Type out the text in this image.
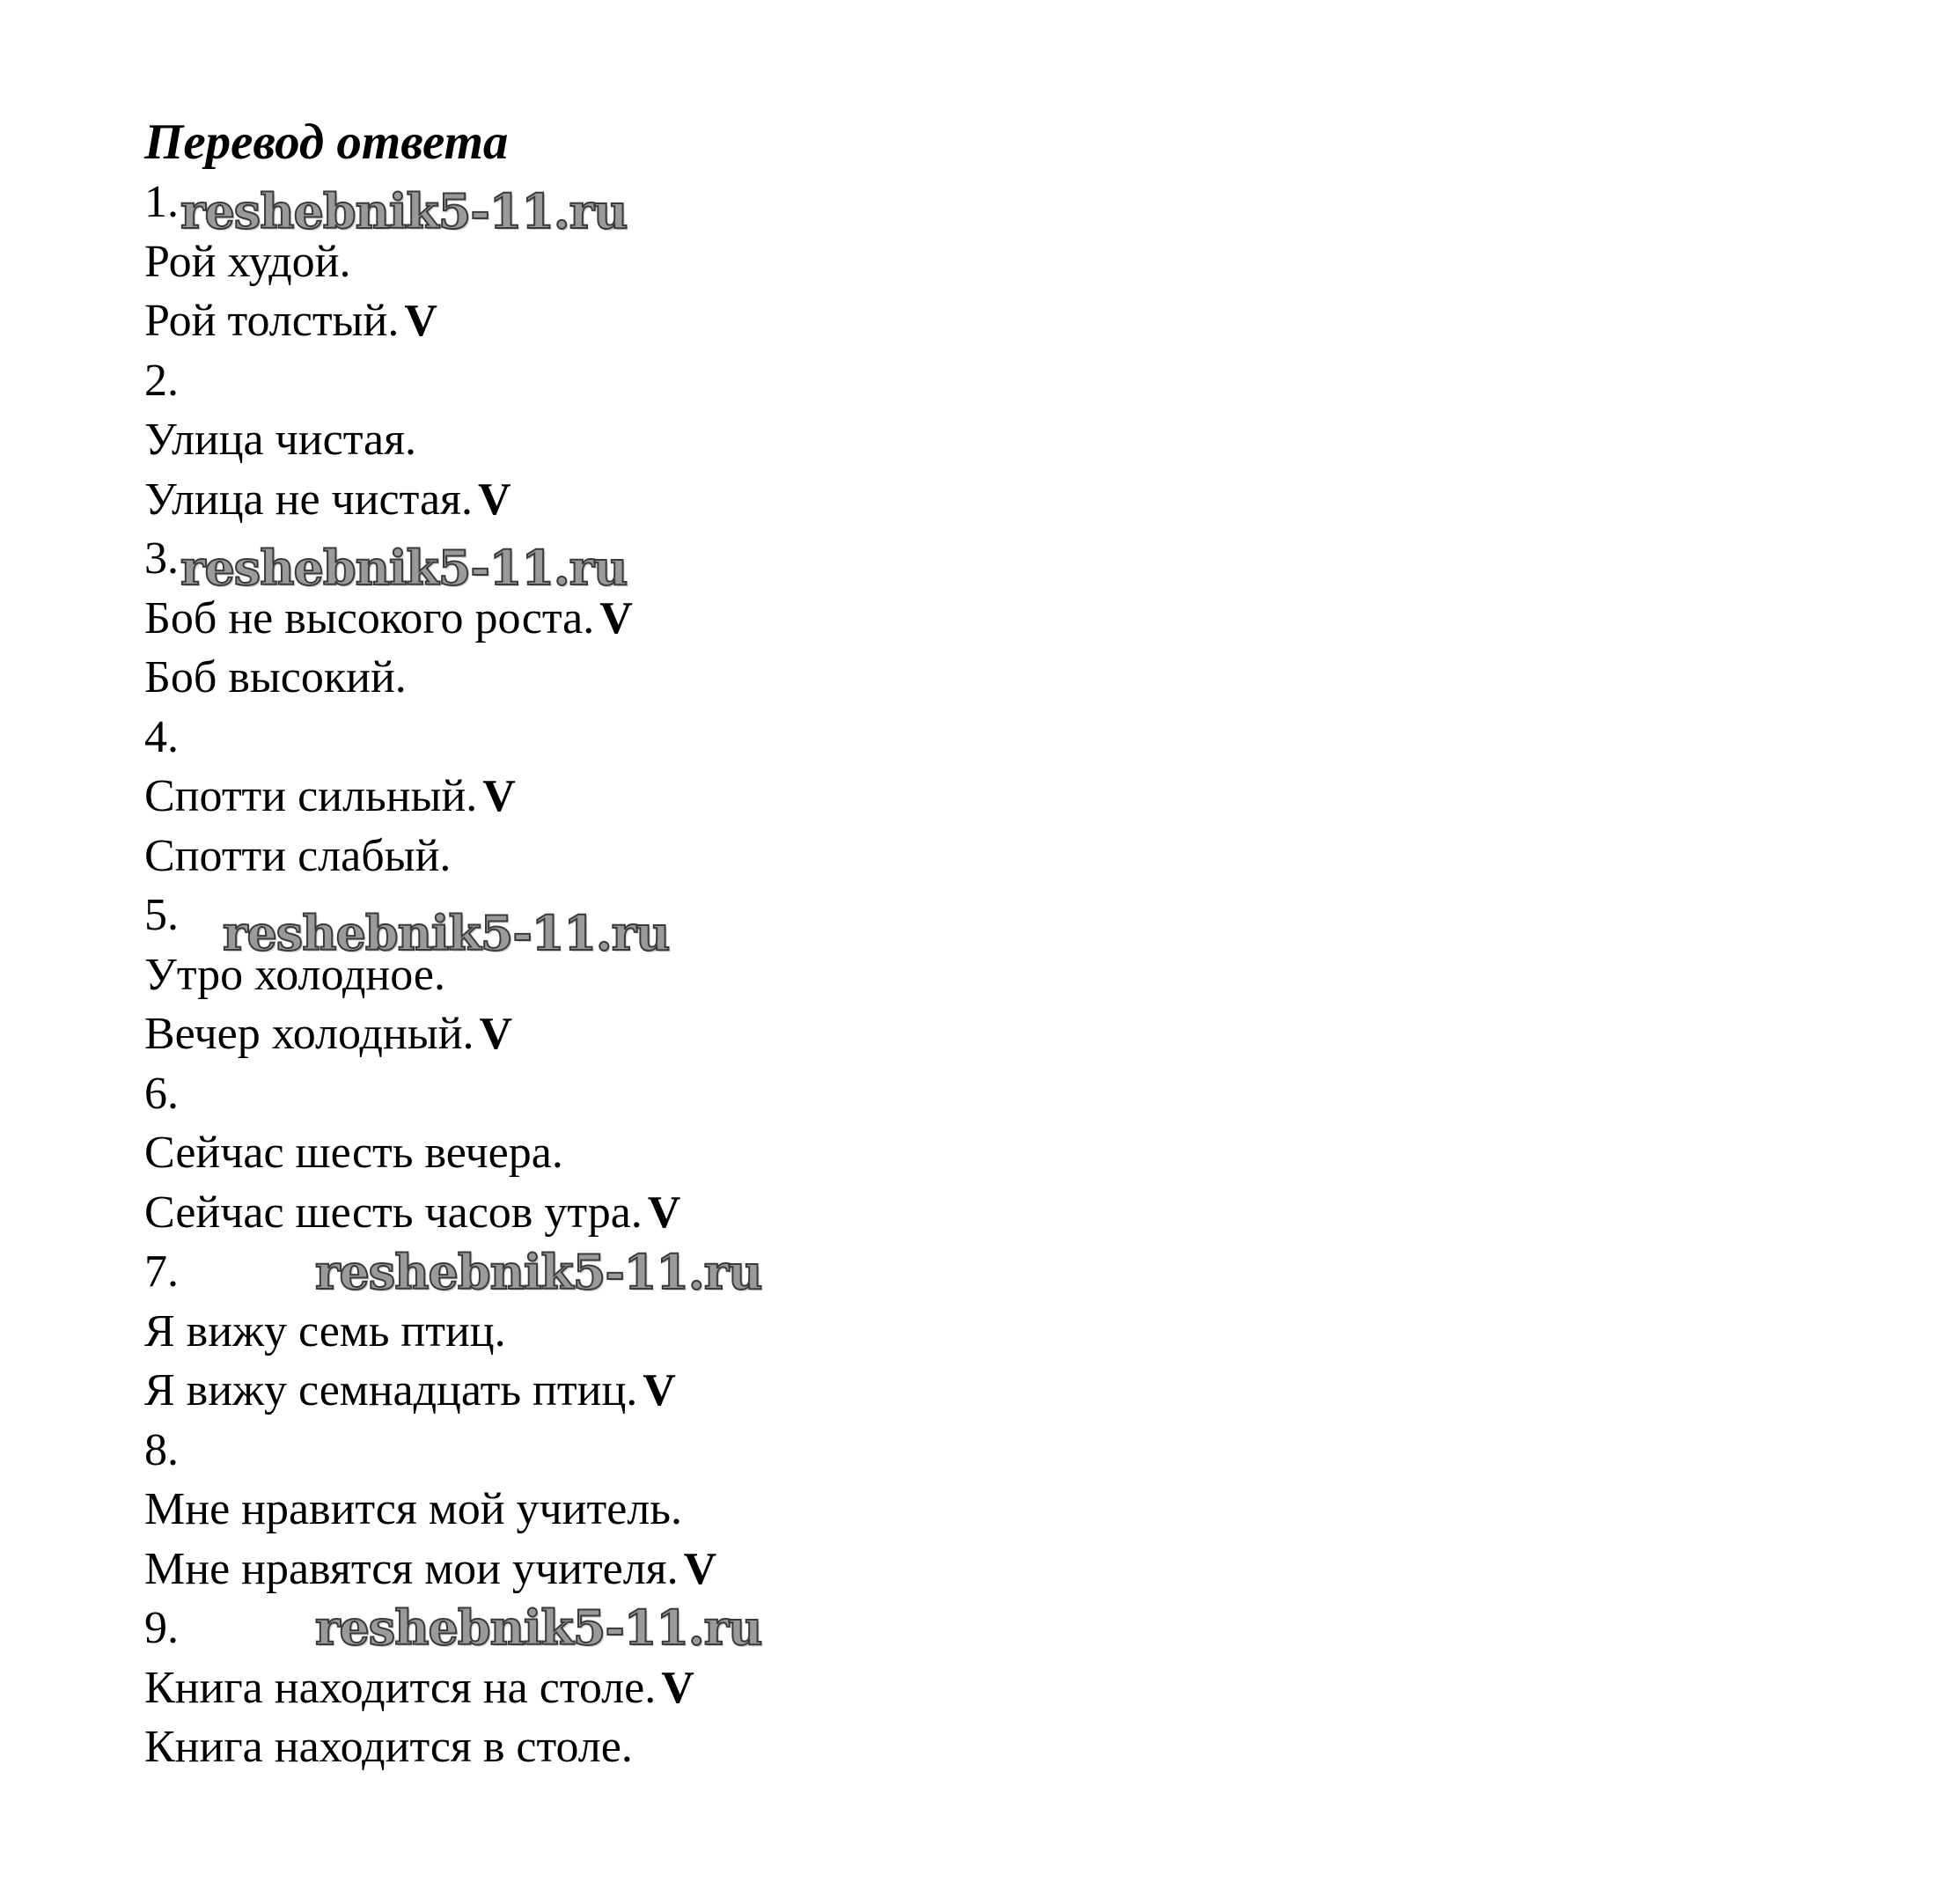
Перевод ответа
1.
Рой худой.
Рой толстый. V
2.
Улица чистая.
Улица не чистая. V
3.
Боб не высокого роста. V
Боб высокий.
4.
Спотти сильный. V
Спотти слабый.
5.
Утро холодное.
Вечер холодный. V
6.
Сейчас шесть вечера.
Сейчас шесть часов утра. V
7.
Я вижу семь птиц.
Я вижу семнадцать птиц. V
8.
Мне нравится мой учитель.
Мне нравятся мои учителя. V
9.
Книга находится на столе. V
Книга находится в столе.
reshebnik5-11.ru
reshebnik5-11.ru
reshebnik5-11.ru
reshebnik5-11.ru
reshebnik5-11.ru
